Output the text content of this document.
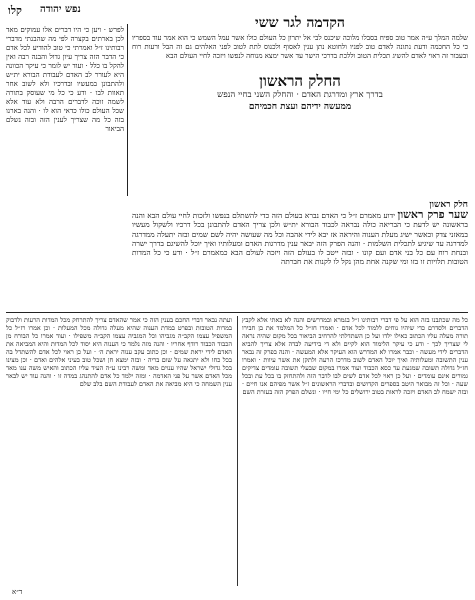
קלו נפש יהודה
לפרש · ויען כי היו דברים אלו עמוקים מאד לכן בארתים בקצרה לפי מה שהבנתי מדברי רבותינו ז״ל ואמרתי כי טוב להודיע לכל אדם כי הדבר הזה צריך עיון גדול והבנה רבה ואין להקל בו כלל · ועוד יש לומר כי עיקר הכוונה היא לעורר לב האדם לעבודת הבורא ית״ש ולהתבונן במעשיו ובדרכיו ולא לשוב אחר תאוות לבו · ודע כי כל מי שעוסק בתורה לשמה זוכה לדברים הרבה ולא עוד אלא שכל העולם כולו כדאי הוא לו · והנה בארנו בזה כל מה שצריך לענין הזה ובזה נשלם הביאור
הקדמה לגר ששי
שלמה המלך ע״ה אמר טוב ספיח בסבלו מלוכה שיכנס לבי אל יתרון כל העולם כולו אשר עמל השמש כי הוא אמר עוד בספריו כי כל החכמה ודעת נתונה לאדם טוב לפניו ולחוטא נתן ענין לאסוף ולכנוס לתת לטוב לפני האלהים גם זה הבל ורעות רוח ובעבור זה ראוי לאדם להשיג תכלית הטוב וללכת בדרכי הישר עד אשר ימצא מנוחה לנפשו ויזכה לחיי העולם הבא
החלק הראשון
בדרך ארץ ומדרגת האדם · והחלק השני בחיי הנפש
ממעשה ידיהם ועצת חכמיהם
חלק ראשון
שער פרק ראשון ידוע מאמרם ז״ל כי האדם נברא בעולם הזה כדי להשתלם בנפשו ולזכות לחיי עולם הבא והנה בראשונה יש לדעת כי הבריאה כולה נבראה לכבוד הבורא ית״ש ולכן צריך האדם להתבונן בכל דרכיו ולשקול מעשיו במאזני צדק וכאשר ישיג מעלת הענוה והיראה אז יבא לידי אהבה וכל מה שעושה יהיה לשם שמים ובזה יתעלה ממדרגה למדרגה עד שיגיע לתכלית השלמות · והנה הפרק הזה יבאר ענין מדרגות האדם ומעלותיו ואיך יוכל להשיגם בדרך ישרה ובנחת רוח עם כל בני אדם ועם קונו · ובזה ייטב לו בעולם הזה ויזכה לעולם הבא כמאמרם ז״ל · ודע כי כל המדות הטובות תלויות זו בזו ומי שקנה אחת מהן נקל לו לקנות את חברתה
כל מה שכתבנו בזה הוא על פי דברי רבותינו ז״ל בגמרא ובמדרשים והנה לא באתי אלא לקבץ הדברים ולסדרם כדי שיהיו נוחים ללמוד לכל אדם · ואמרו חז״ל כל המלמד את בן חבירו תורה מעלה עליו הכתוב כאילו ילדו ועל כן השתדלתי להרחיב הביאור בכל מקום שהיה נראה לי שצריך לכך · ודע כי עיקר הלימוד הוא לקיים ולא די בידיעה לבדה אלא צריך להביא הדברים לידי מעשה · וכבר אמרו לא המדרש הוא העיקר אלא המעשה · והנה בפרק זה נבאר ענין התשובה ומעלותיה ואיך יוכל האדם לשוב מדרכו הרעה ולתקן את אשר עיוות · ואמרו חז״ל גדולה תשובה שמגעת עד כסא הכבוד ועוד אמרו במקום שבעלי תשובה עומדים צדיקים גמורים אינם עומדים · ועל כן ראוי לכל אדם לשים לבו לדבר הזה ולהתחזק בו בכל עת ובכל שעה · וכל זה מבואר היטב בספרים הקדושים ובדברי הראשונים ז״ל אשר מפיהם אנו חיים · ובזה ישמח לב האדם ויזכה לראות בטוב ירושלים כל ימי חייו · ונשלם הפרק הזה בעזרת השם
ועתה נבאר דברי החכם בענין הזה כי אמר שהאדם צריך להתרחק מכל המדות הרעות ולדבוק במדות הטובות ובפרט במדת הענוה שהיא מעלה גדולה מכל המעלות · וכן אמרו רז״ל כל המשפיל עצמו הקב״ה מגביהו וכל המגביה עצמו הקב״ה משפילו · ועוד אמרו כל הבורח מן הכבוד הכבוד רודף אחריו · והנה מזה נלמד כי הענוה היא יסוד לכל המדות והיא המביאה את האדם לידי יראת שמים · וכן כתוב עקב ענוה יראת ה׳ · ועל כן ראוי לכל אדם להשתדל בה בכל כחו ולא יתגאה על שום בריה · ובזה ימצא חן ושכל טוב בעיני אלהים ואדם · וכן מצינו בכל גדולי ישראל שהיו ענוים מאד ומשה רבינו ע״ה העיד עליו הכתוב והאיש משה ענו מאד מכל האדם אשר על פני האדמה · ומזה ילמד כל אדם להתנהג במדה זו · והנה עוד יש לבאר ענין השמחה כי היא מביאה את האדם לעבודת השם בלב שלם
ד״א
